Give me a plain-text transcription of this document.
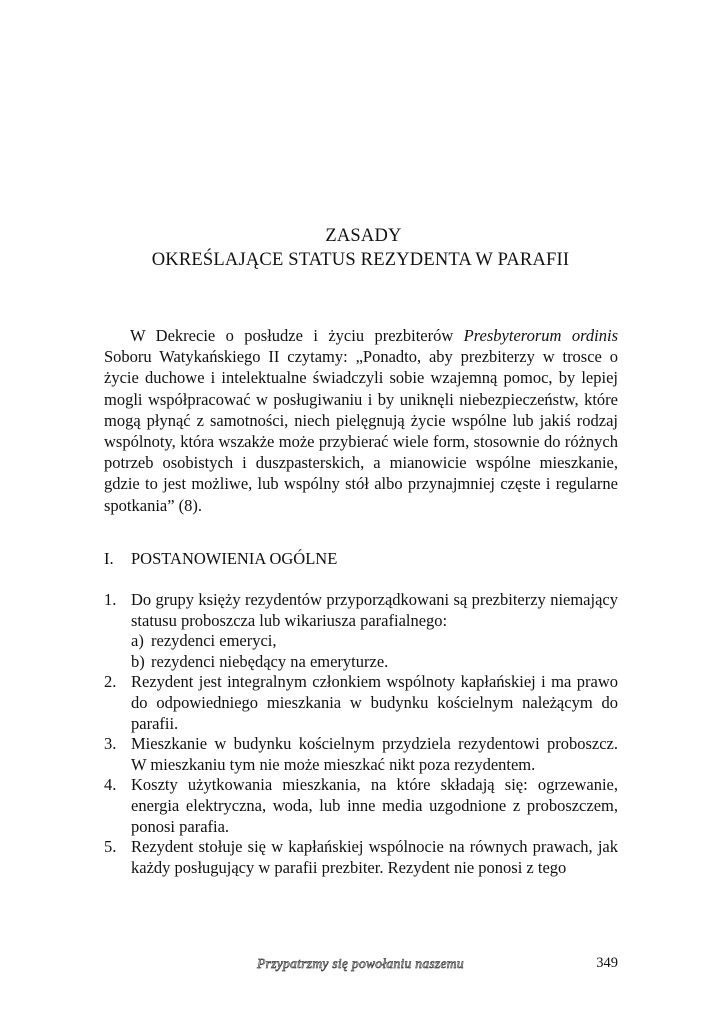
ZASADY
OKREŚLAJĄCE STATUS REZYDENTA W PARAFII
W Dekrecie o posłudze i życiu prezbiterów Presbyterorum ordinis Soboru Watykańskiego II czytamy: „Ponadto, aby prezbiterzy w trosce o życie duchowe i intelektualne świadczyli sobie wzajemną pomoc, by lepiej mogli współpracować w posługiwaniu i by uniknęli niebezpieczeństw, które mogą płynąć z samotności, niech pielęgnują życie wspólne lub jakiś rodzaj wspólnoty, która wszakże może przybierać wiele form, stosownie do różnych potrzeb osobistych i duszpasterskich, a mianowicie wspólne mieszkanie, gdzie to jest możliwe, lub wspólny stół albo przynajmniej częste i regularne spotkania” (8).
I. POSTANOWIENIA OGÓLNE
1. Do grupy księży rezydentów przyporządkowani są prezbiterzy niemający statusu proboszcza lub wikariusza parafialnego:
a) rezydenci emeryci,
b) rezydenci niebędący na emeryturze.
2. Rezydent jest integralnym członkiem wspólnoty kapłańskiej i ma prawo do odpowiedniego mieszkania w budynku kościelnym należącym do parafii.
3. Mieszkanie w budynku kościelnym przydziela rezydentowi proboszcz. W mieszkaniu tym nie może mieszkać nikt poza rezydentem.
4. Koszty użytkowania mieszkania, na które składają się: ogrzewanie, energia elektryczna, woda, lub inne media uzgodnione z proboszczem, ponosi parafia.
5. Rezydent stołuje się w kapłańskiej wspólnocie na równych prawach, jak każdy posługujący w parafii prezbiter. Rezydent nie ponosi z tego
Przypatrzmy się powołaniu naszemu	349
